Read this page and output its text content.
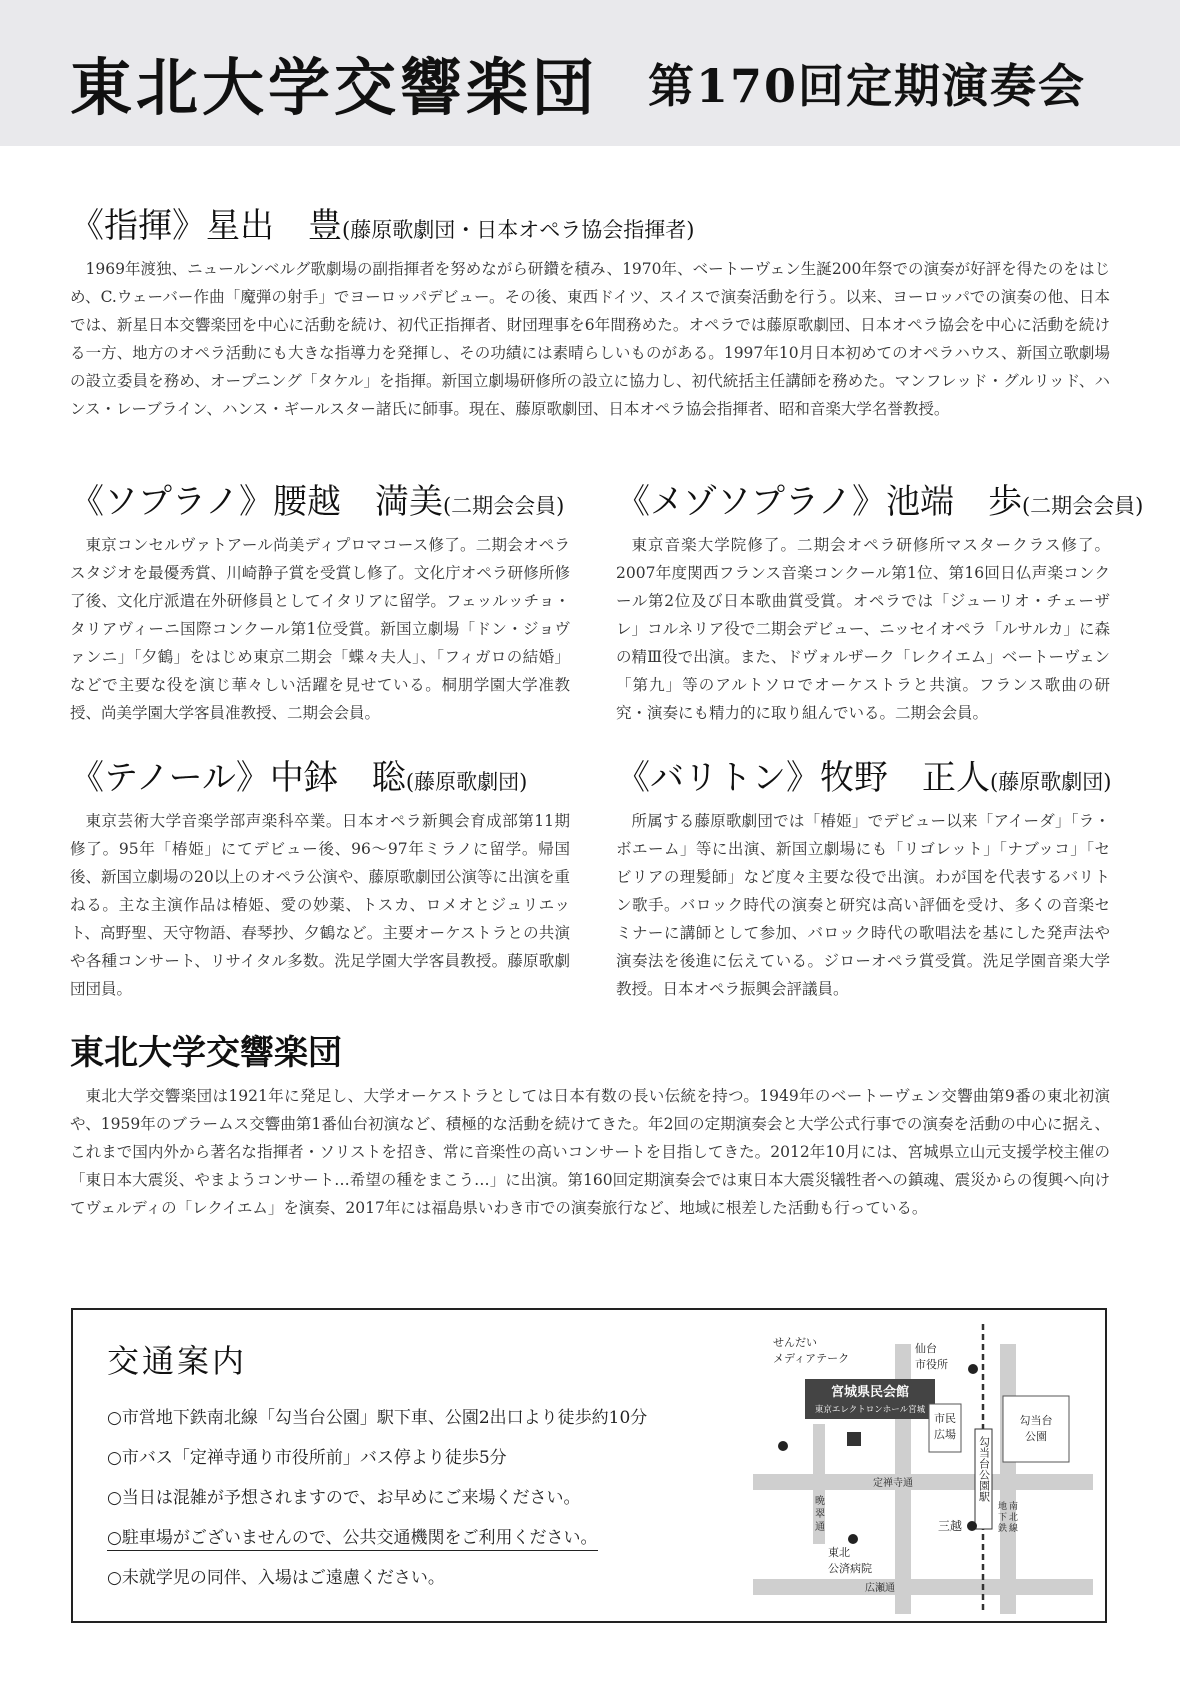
東北大学交響楽団 第170回定期演奏会
《指揮》星出　豊(藤原歌劇団・日本オペラ協会指揮者)

1969年渡独、ニュールンベルグ歌劇場の副指揮者を努めながら研鑽を積み、1970年、ベートーヴェン生誕200年祭での演奏が好評を得たのをはじめ、C.ウェーバー作曲「魔弾の射手」でヨーロッパデビュー。その後、東西ドイツ、スイスで演奏活動を行う。以来、ヨーロッパでの演奏の他、日本では、新星日本交響楽団を中心に活動を続け、初代正指揮者、財団理事を6年間務めた。オペラでは藤原歌劇団、日本オペラ協会を中心に活動を続ける一方、地方のオペラ活動にも大きな指導力を発揮し、その功績には素晴らしいものがある。1997年10月日本初めてのオペラハウス、新国立歌劇場の設立委員を務め、オープニング「タケル」を指揮。新国立劇場研修所の設立に協力し、初代統括主任講師を務めた。マンフレッド・グルリッド、ハンス・レーブライン、ハンス・ギールスター諸氏に師事。現在、藤原歌劇団、日本オペラ協会指揮者、昭和音楽大学名誉教授。

《ソプラノ》腰越　満美(二期会会員)

東京コンセルヴァトアール尚美ディプロマコース修了。二期会オペラスタジオを最優秀賞、川崎静子賞を受賞し修了。文化庁オペラ研修所修了後、文化庁派遣在外研修員としてイタリアに留学。フェッルッチョ・タリアヴィーニ国際コンクール第1位受賞。新国立劇場「ドン・ジョヴァンニ」「夕鶴」をはじめ東京二期会「蝶々夫人」、「フィガロの結婚」などで主要な役を演じ華々しい活躍を見せている。桐朋学園大学准教授、尚美学園大学客員准教授、二期会会員。

《メゾソプラノ》池端　歩(二期会会員)

東京音楽大学院修了。二期会オペラ研修所マスタークラス修了。2007年度関西フランス音楽コンクール第1位、第16回日仏声楽コンクール第2位及び日本歌曲賞受賞。オペラでは「ジューリオ・チェーザレ」コルネリア役で二期会デビュー、ニッセイオペラ「ルサルカ」に森の精Ⅲ役で出演。また、ドヴォルザーク「レクイエム」ベートーヴェン「第九」等のアルトソロでオーケストラと共演。フランス歌曲の研究・演奏にも精力的に取り組んでいる。二期会会員。

《テノール》中鉢　聡(藤原歌劇団)

東京芸術大学音楽学部声楽科卒業。日本オペラ新興会育成部第11期修了。95年「椿姫」にてデビュー後、96〜97年ミラノに留学。帰国後、新国立劇場の20以上のオペラ公演や、藤原歌劇団公演等に出演を重ねる。主な主演作品は椿姫、愛の妙薬、トスカ、ロメオとジュリエット、高野聖、天守物語、春琴抄、夕鶴など。主要オーケストラとの共演や各種コンサート、リサイタル多数。洗足学園大学客員教授。藤原歌劇団団員。

《バリトン》牧野　正人(藤原歌劇団)

所属する藤原歌劇団では「椿姫」でデビュー以来「アイーダ」「ラ・ボエーム」等に出演、新国立劇場にも「リゴレット」「ナブッコ」「セビリアの理髪師」など度々主要な役で出演。わが国を代表するバリトン歌手。バロック時代の演奏と研究は高い評価を受け、多くの音楽セミナーに講師として参加、バロック時代の歌唱法を基にした発声法や演奏法を後進に伝えている。ジローオペラ賞受賞。洗足学園音楽大学教授。日本オペラ振興会評議員。

東北大学交響楽団

東北大学交響楽団は1921年に発足し、大学オーケストラとしては日本有数の長い伝統を持つ。1949年のベートーヴェン交響曲第9番の東北初演や、1959年のブラームス交響曲第1番仙台初演など、積極的な活動を続けてきた。年2回の定期演奏会と大学公式行事での演奏を活動の中心に据え、これまで国内外から著名な指揮者・ソリストを招き、常に音楽性の高いコンサートを目指してきた。2012年10月には、宮城県立山元支援学校主催の「東日本大震災、やまようコンサート…希望の種をまこう…」に出演。第160回定期演奏会では東日本大震災犠牲者への鎮魂、震災からの復興へ向けてヴェルディの「レクイエム」を演奏、2017年には福島県いわき市での演奏旅行など、地域に根差した活動も行っている。

交通案内
○市営地下鉄南北線「勾当台公園」駅下車、公園2出口より徒歩約10分
○市バス「定禅寺通り市役所前」バス停より徒歩5分
○当日は混雑が予想されますので、お早めにご来場ください。
○駐車場がございませんので、公共交通機関をご利用ください。
○未就学児の同伴、入場はご遠慮ください。
宮城県民会館
東京エレクトロンホール宮城
市民
広場
勾当台
公園
勾当台公園駅
せんだい
メディアテーク
仙台
市役所
三越
東北
公済病院
定禅寺通
広瀬通
晩
翠
通
地
下
鉄
南
北
線
